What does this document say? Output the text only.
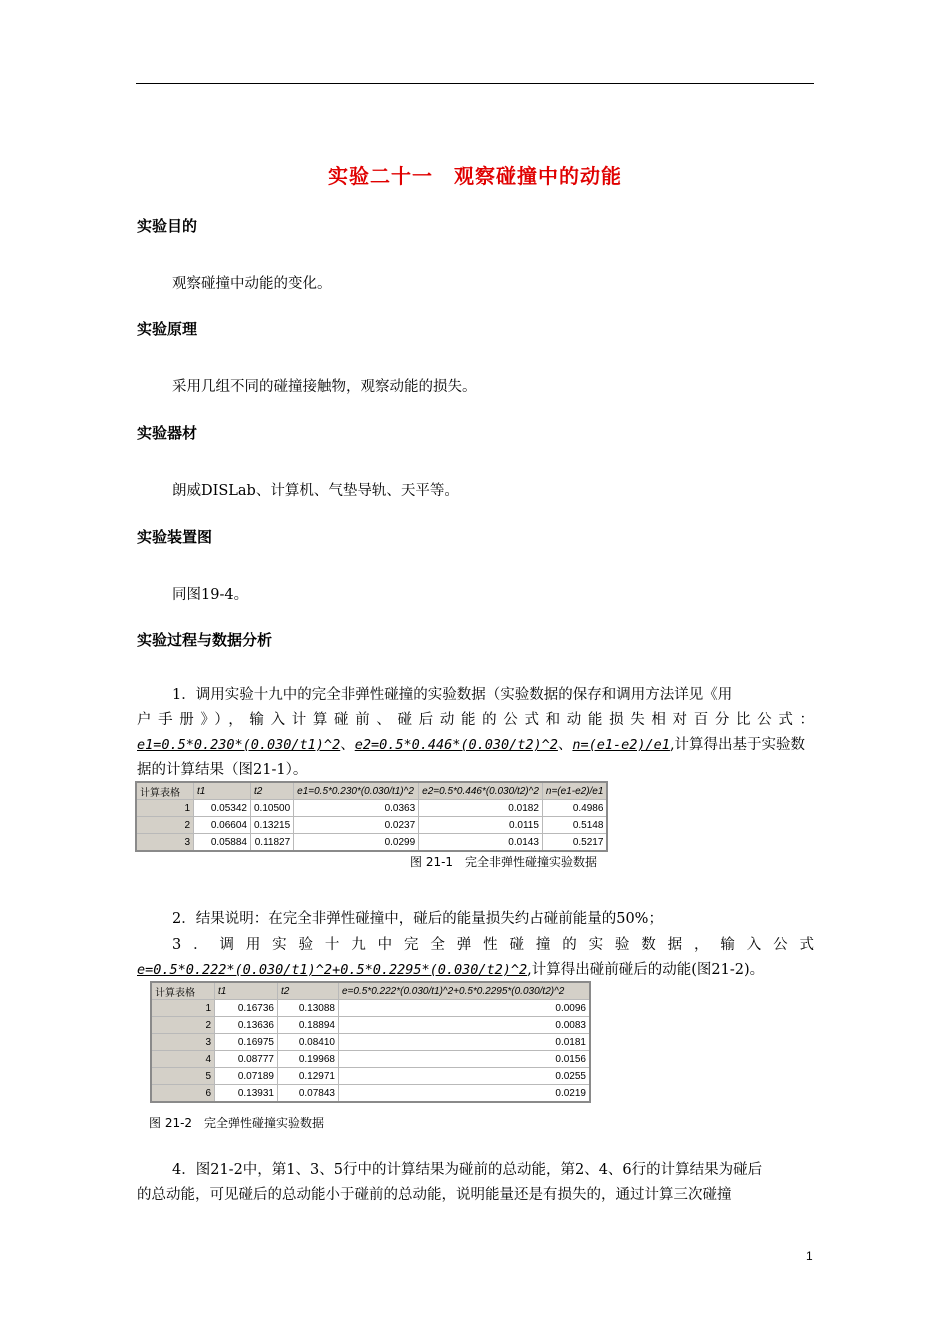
实验二十一　观察碰撞中的动能
实验目的
观察碰撞中动能的变化。
实验原理
采用几组不同的碰撞接触物，观察动能的损失。
实验器材
朗威DISLab、计算机、气垫导轨、天平等。
实验装置图
同图19-4。
实验过程与数据分析
1．调用实验十九中的完全非弹性碰撞的实验数据（实验数据的保存和调用方法详见《用
户手册》），输入计算碰前、碰后动能的公式和动能损失相对百分比公式：
e1=0.5*0.230*(0.030/t1)^2、e2=0.5*0.446*(0.030/t2)^2、n=(e1-e2)/e1,计算得出基于实验数
据的计算结果（图21-1）。
计算表格	t1	t2	e1=0.5*0.230*(0.030/t1)^2	e2=0.5*0.446*(0.030/t2)^2	n=(e1-e2)/e1
1	0.05342	0.10500	0.0363	0.0182	0.4986
2	0.06604	0.13215	0.0237	0.0115	0.5148
3	0.05884	0.11827	0.0299	0.0143	0.5217
图 21-1　完全非弹性碰撞实验数据
2．结果说明：在完全非弹性碰撞中，碰后的能量损失约占碰前能量的50%；
3．调用实验十九中完全弹性碰撞的实验数据，输入公式
e=0.5*0.222*(0.030/t1)^2+0.5*0.2295*(0.030/t2)^2,计算得出碰前碰后的动能(图21-2)。
计算表格	t1	t2	e=0.5*0.222*(0.030/t1)^2+0.5*0.2295*(0.030/t2)^2
1	0.16736	0.13088	0.0096
2	0.13636	0.18894	0.0083
3	0.16975	0.08410	0.0181
4	0.08777	0.19968	0.0156
5	0.07189	0.12971	0.0255
6	0.13931	0.07843	0.0219
图 21-2　完全弹性碰撞实验数据
4．图21-2中，第1、3、5行中的计算结果为碰前的总动能，第2、4、6行的计算结果为碰后
的总动能，可见碰后的总动能小于碰前的总动能，说明能量还是有损失的，通过计算三次碰撞
1
